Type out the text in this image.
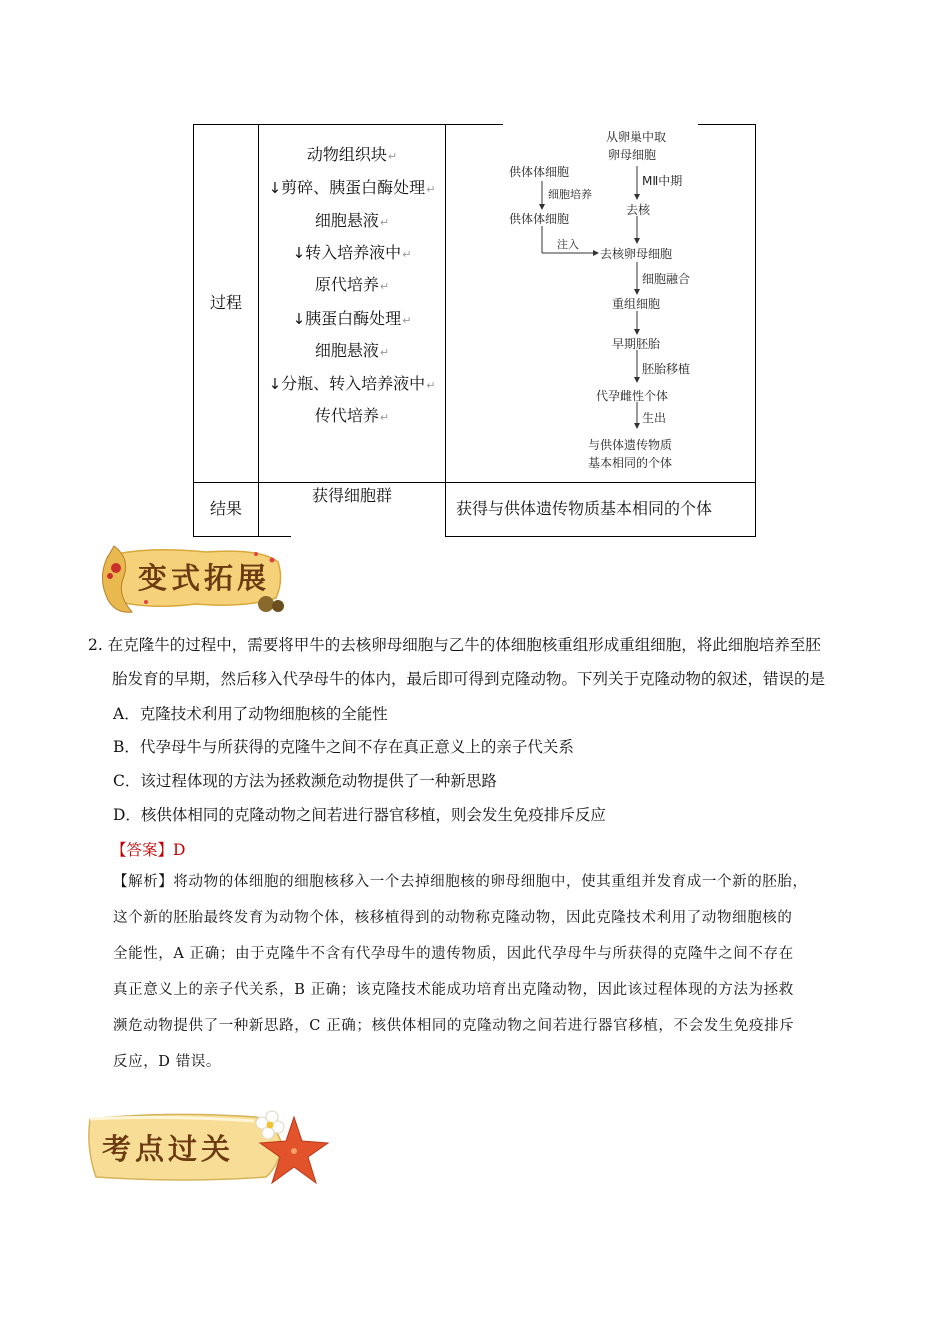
过程
结果
动物组织块↵
↓剪碎、胰蛋白酶处理↵
细胞悬液↵
↓转入培养液中↵
原代培养↵
↓胰蛋白酶处理↵
细胞悬液↵
↓分瓶、转入培养液中↵
传代培养↵
获得细胞群
获得与供体遗传物质基本相同的个体
从卵巢中取
卵母细胞
MⅡ中期
去核
供体体细胞
细胞培养
供体体细胞
注入
去核卵母细胞
细胞融合
重组细胞
早期胚胎
胚胎移植
代孕雌性个体
生出
与供体遗传物质
基本相同的个体
变式拓展
2. 在克隆牛的过程中，需要将甲牛的去核卵母细胞与乙牛的体细胞核重组形成重组细胞，将此细胞培养至胚
胎发育的早期，然后移入代孕母牛的体内，最后即可得到克隆动物。下列关于克隆动物的叙述，错误的是
A．克隆技术利用了动物细胞核的全能性
B．代孕母牛与所获得的克隆牛之间不存在真正意义上的亲子代关系
C．该过程体现的方法为拯救濒危动物提供了一种新思路
D．核供体相同的克隆动物之间若进行器官移植，则会发生免疫排斥反应
【答案】D
【解析】将动物的体细胞的细胞核移入一个去掉细胞核的卵母细胞中，使其重组并发育成一个新的胚胎，
这个新的胚胎最终发育为动物个体，核移植得到的动物称克隆动物，因此克隆技术利用了动物细胞核的
全能性，A 正确；由于克隆牛不含有代孕母牛的遗传物质，因此代孕母牛与所获得的克隆牛之间不存在
真正意义上的亲子代关系，B 正确；该克隆技术能成功培育出克隆动物，因此该过程体现的方法为拯救
濒危动物提供了一种新思路，C 正确；核供体相同的克隆动物之间若进行器官移植，不会发生免疫排斥
反应，D 错误。
考点过关
